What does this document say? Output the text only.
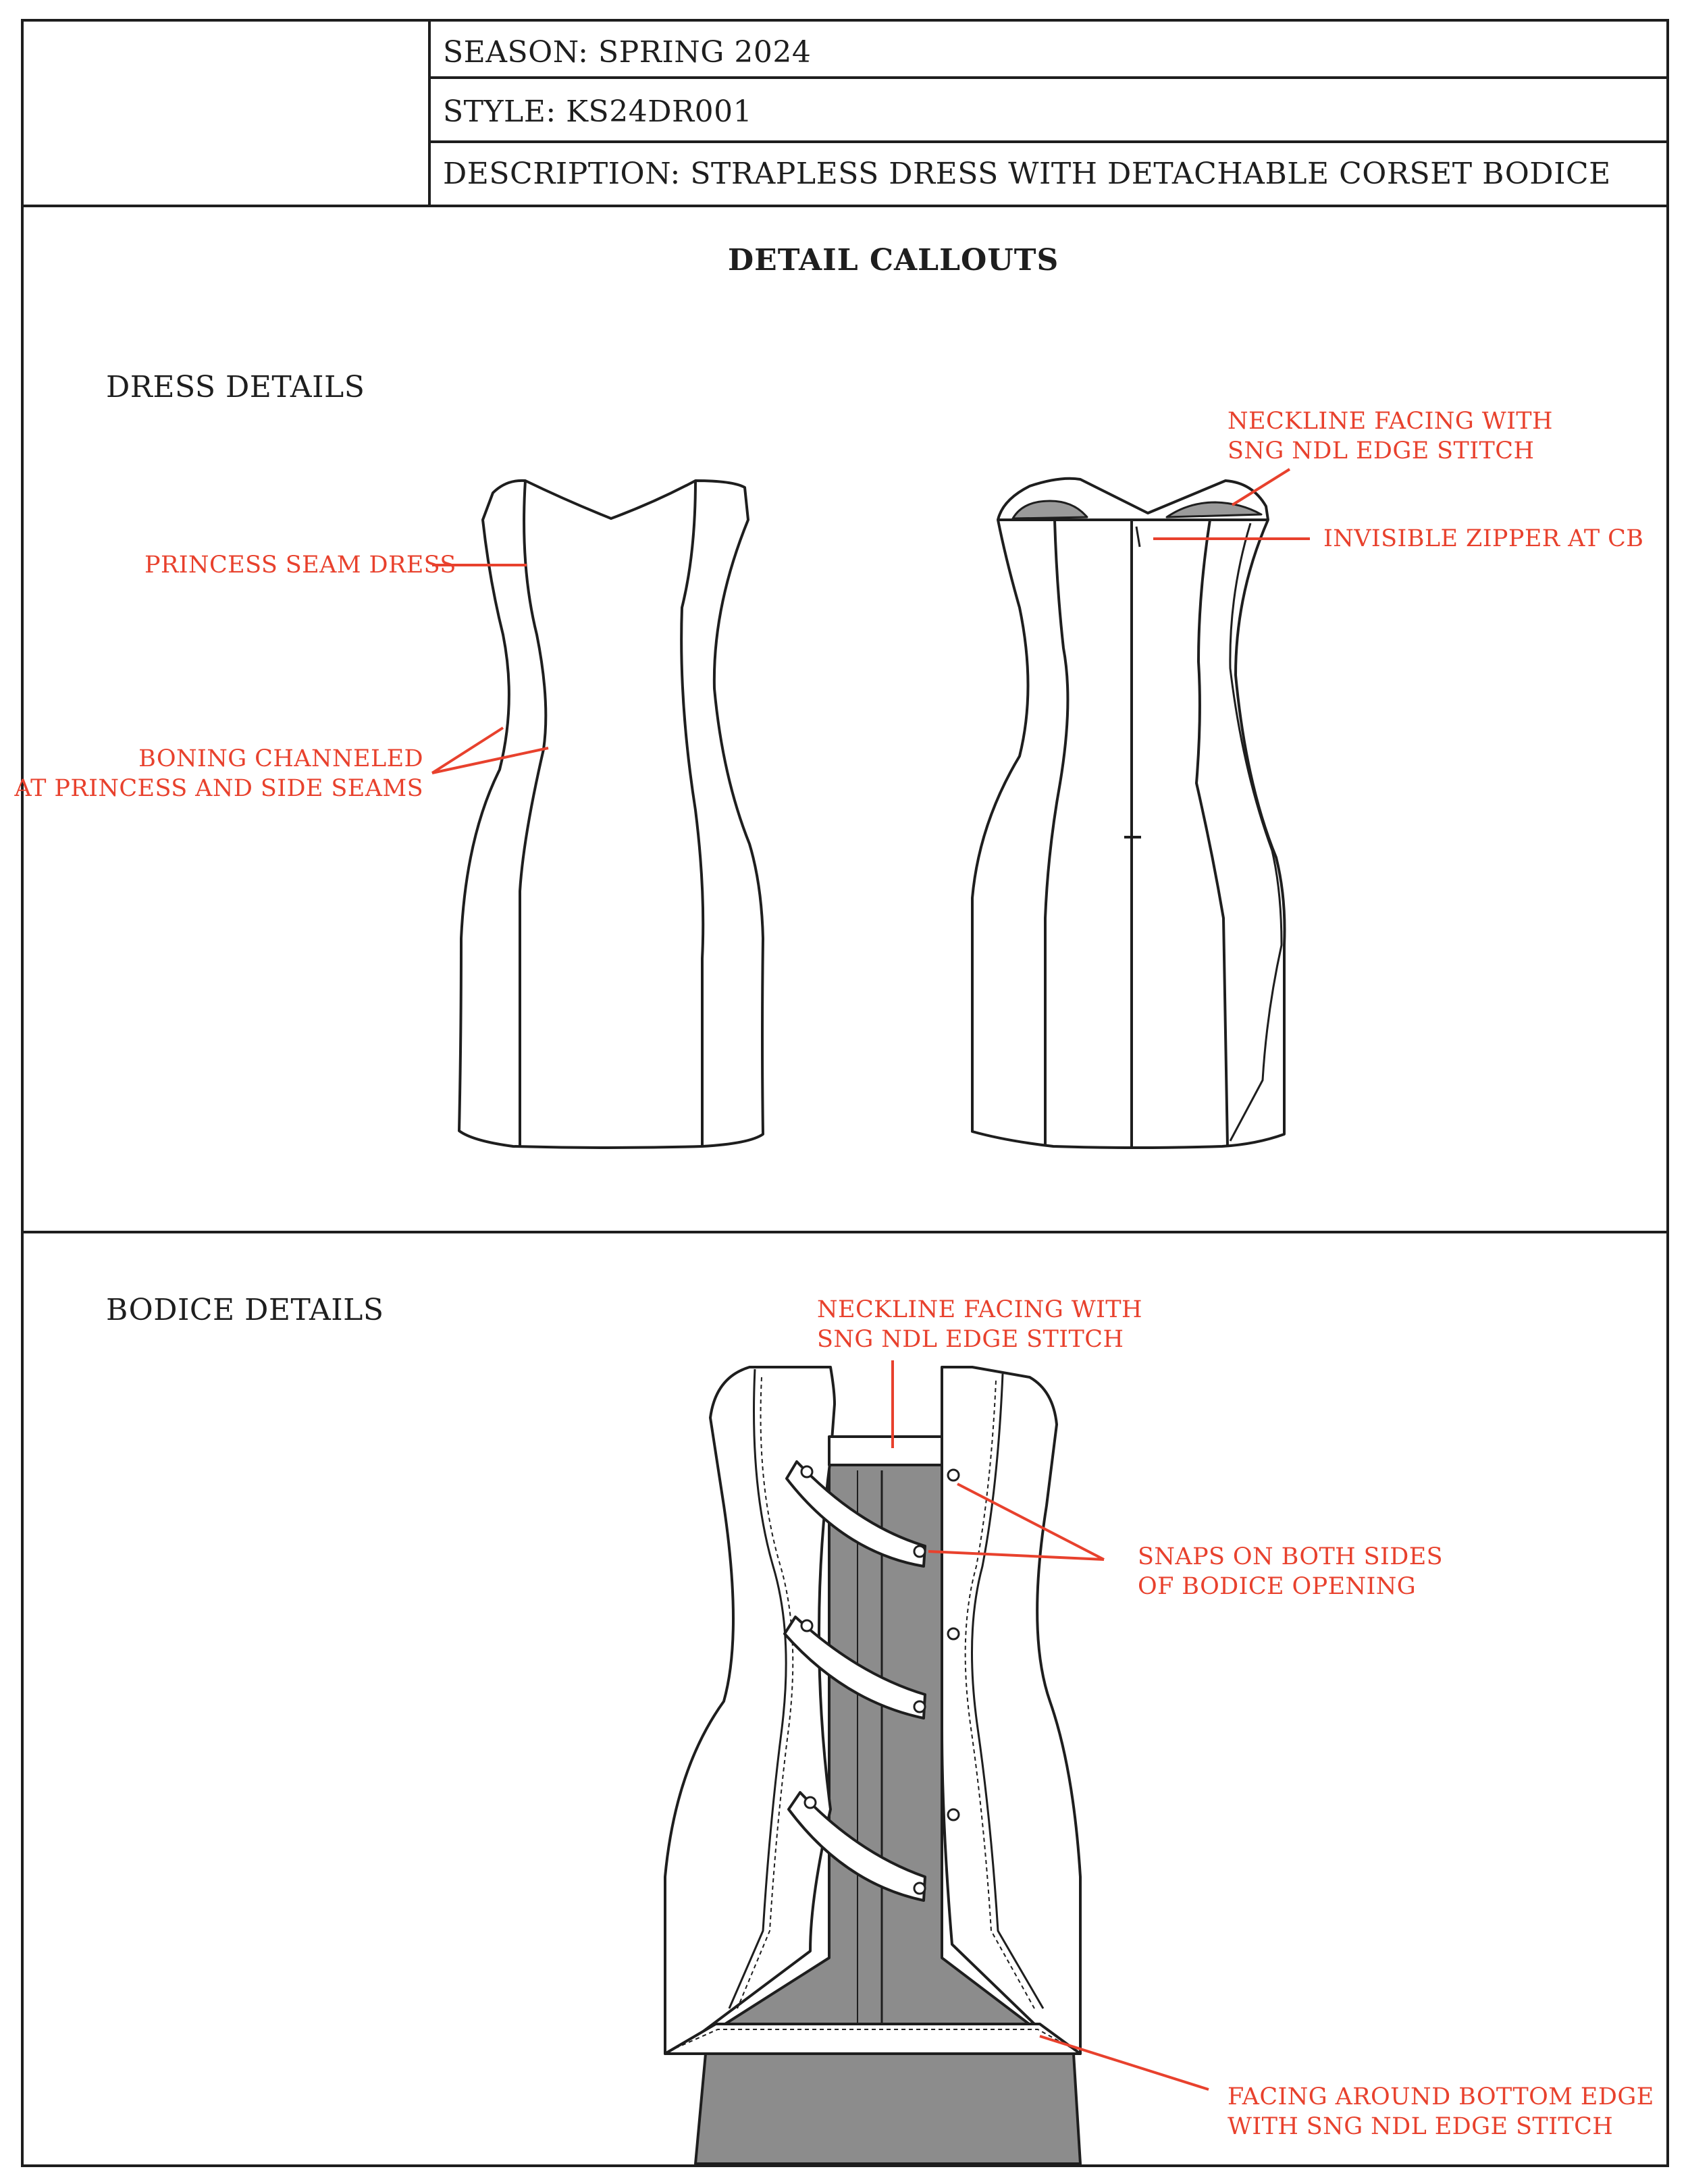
SEASON: SPRING 2024
STYLE: KS24DR001
DESCRIPTION: STRAPLESS DRESS WITH DETACHABLE CORSET BODICE
DETAIL CALLOUTS
DRESS DETAILS
BODICE DETAILS
PRINCESS SEAM DRESS
BONING CHANNELED
AT PRINCESS AND SIDE SEAMS
NECKLINE FACING WITH
SNG NDL EDGE STITCH
INVISIBLE ZIPPER AT CB
NECKLINE FACING WITH
SNG NDL EDGE STITCH
SNAPS ON BOTH SIDES
OF BODICE OPENING
FACING AROUND BOTTOM EDGE
WITH SNG NDL EDGE STITCH
